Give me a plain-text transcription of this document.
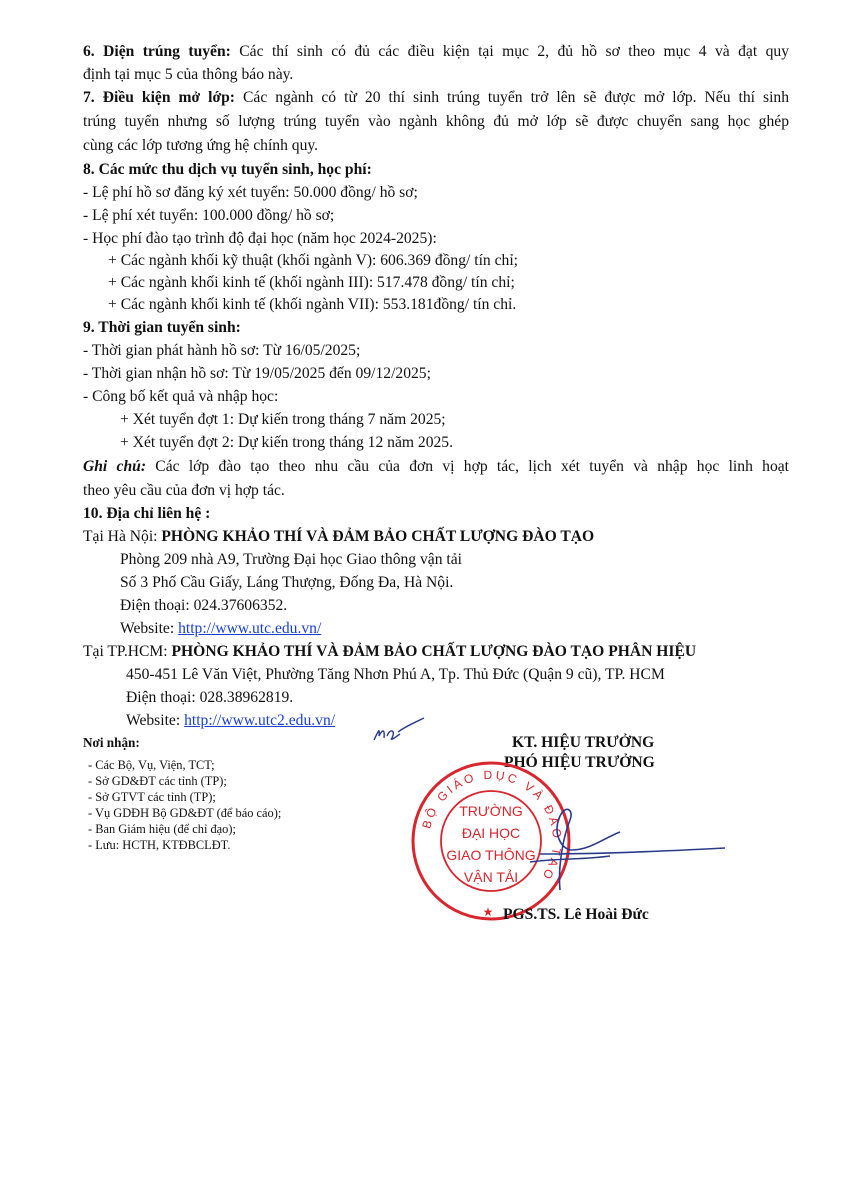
6. Diện trúng tuyển: Các thí sinh có đủ các điều kiện tại mục 2, đủ hồ sơ theo mục 4 và đạt quy
định tại mục 5 của thông báo này.
7. Điều kiện mở lớp: Các ngành có từ 20 thí sinh trúng tuyển trở lên sẽ được mở lớp. Nếu thí sinh
trúng tuyển nhưng số lượng trúng tuyển vào ngành không đủ mở lớp sẽ được chuyển sang học ghép
cùng các lớp tương ứng hệ chính quy.
8. Các mức thu dịch vụ tuyển sinh, học phí:
- Lệ phí hồ sơ đăng ký xét tuyển: 50.000 đồng/ hồ sơ;
- Lệ phí xét tuyển: 100.000 đồng/ hồ sơ;
- Học phí đào tạo trình độ đại học (năm học 2024-2025):
+ Các ngành khối kỹ thuật (khối ngành V): 606.369 đồng/ tín chỉ;
+ Các ngành khối kinh tế (khối ngành III): 517.478 đồng/ tín chỉ;
+ Các ngành khối kinh tế (khối ngành VII): 553.181đồng/ tín chỉ.
9. Thời gian tuyển sinh:
- Thời gian phát hành hồ sơ: Từ 16/05/2025;
- Thời gian nhận hồ sơ: Từ 19/05/2025 đến 09/12/2025;
- Công bố kết quả và nhập học:
+ Xét tuyển đợt 1: Dự kiến trong tháng 7 năm 2025;
+ Xét tuyển đợt 2: Dự kiến trong tháng 12 năm 2025.
Ghi chú: Các lớp đào tạo theo nhu cầu của đơn vị hợp tác, lịch xét tuyển và nhập học linh hoạt
theo yêu cầu của đơn vị hợp tác.
10. Địa chỉ liên hệ :
Tại Hà Nội: PHÒNG KHẢO THÍ VÀ ĐẢM BẢO CHẤT LƯỢNG ĐÀO TẠO
Phòng 209 nhà A9, Trường Đại học Giao thông vận tải
Số 3 Phố Cầu Giấy, Láng Thượng, Đống Đa, Hà Nội.
Điện thoại: 024.37606352.
Website: http://www.utc.edu.vn/
Tại TP.HCM: PHÒNG KHẢO THÍ VÀ ĐẢM BẢO CHẤT LƯỢNG ĐÀO TẠO PHÂN HIỆU
450-451 Lê Văn Việt, Phường Tăng Nhơn Phú A, Tp. Thủ Đức (Quận 9 cũ), TP. HCM
Điện thoại: 028.38962819.
Website: http://www.utc2.edu.vn/
Nơi nhận:
- Các Bộ, Vụ, Viện, TCT;
- Sở GD&ĐT các tỉnh (TP);
- Sở GTVT các tỉnh (TP);
- Vụ GDĐH Bộ GD&ĐT (để báo cáo);
- Ban Giám hiệu (để chỉ đạo);
- Lưu: HCTH, KTĐBCLĐT.
KT. HIỆU TRƯỞNG
PHÓ HIỆU TRƯỞNG
BỘ GIÁO DỤC VÀ ĐÀO TẠO
TRƯỜNG
ĐẠI HỌC
GIAO THÔNG
VẬN TẢI
★ PGS.TS. Lê Hoài Đức
